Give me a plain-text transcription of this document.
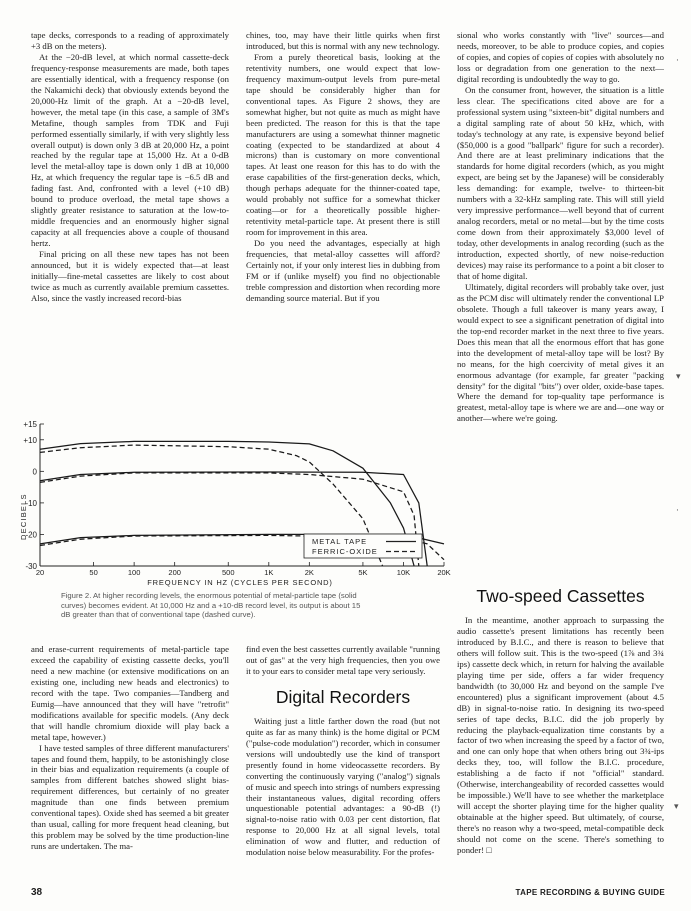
tape decks, corresponds to a reading of approximately +3 dB on the meters).

At the −20-dB level, at which normal cassette-deck frequency-response measurements are made, both tapes are essentially identical, with a frequency response (on the Nakamichi deck) that obviously extends beyond the 20,000-Hz limit of the graph. At a −20-dB level, however, the metal tape (in this case, a sample of 3M's Metafine, though samples from TDK and Fuji performed essentially similarly, if with very slightly less overall output) is down only 3 dB at 20,000 Hz, a point reached by the regular tape at 15,000 Hz. At a 0-dB level the metal-alloy tape is down only 1 dB at 10,000 Hz, at which frequency the regular tape is −6.5 dB and fading fast. And, confronted with a level (+10 dB) bound to produce overload, the metal tape shows a slightly greater resistance to saturation at the low-to-middle frequencies and an enormously higher signal capacity at all frequencies above a couple of thousand hertz.

Final pricing on all these new tapes has not been announced, but it is widely expected that—at least initially—fine-metal cassettes are likely to cost about twice as much as currently available premium cassettes. Also, since the vastly increased record-bias

chines, too, may have their little quirks when first introduced, but this is normal with any new technology.

From a purely theoretical basis, looking at the retentivity numbers, one would expect that low-frequency maximum-output levels from pure-metal tape should be considerably higher than for conventional tapes. As Figure 2 shows, they are somewhat higher, but not quite as much as might have been predicted. The reason for this is that the tape manufacturers are using a somewhat thinner magnetic coating (expected to be standardized at about 4 microns) than is customary on more conventional tapes. At least one reason for this has to do with the erase capabilities of the first-generation decks, which, though perhaps adequate for the thinner-coated tape, would probably not suffice for a somewhat thicker coating—or for a theoretically possible higher-retentivity metal-particle tape. At present there is still room for improvement in this area.

Do you need the advantages, especially at high frequencies, that metal-alloy cassettes will afford? Certainly not, if your only interest lies in dubbing from FM or if (unlike myself) you find no objectionable treble compression and distortion when recording more demanding source material. But if you

sional who works constantly with "live" sources—and needs, moreover, to be able to produce copies, and copies of copies, and copies of copies of copies with absolutely no loss or degradation from one generation to the next—digital recording is undoubtedly the way to go.

On the consumer front, however, the situation is a little less clear. The specifications cited above are for a professional system using "sixteen-bit" digital numbers and a digital sampling rate of about 50 kHz, which, with today's technology at any rate, is expensive beyond belief ($50,000 is a good "ballpark" figure for such a recorder). And there are at least preliminary indications that the standards for home digital recorders (which, as you might expect, are being set by the Japanese) will be considerably less demanding: for example, twelve- to thirteen-bit numbers with a 32-kHz sampling rate. This will still yield very impressive performance—well beyond that of current analog recorders, metal or no metal—but by the time costs come down from their approximately $3,000 level of today, other developments in analog recording (such as the introduction, expected shortly, of new noise-reduction devices) may raise its performance to a point a bit closer to that of home digital.

Ultimately, digital recorders will probably take over, just as the PCM disc will ultimately render the conventional LP obsolete. Though a full takeover is many years away, I would expect to see a significant penetration of digital into the top-end recorder market in the next three to five years. Does this mean that all the enormous effort that has gone into the development of metal-alloy tape will be lost? By no means, for the high coercivity of metal gives it an enormous advantage (for example, far greater "packing density" for the digital "bits") over older, oxide-base tapes. Where the demand for top-quality tape performance is greatest, metal-alloy tape is where we are and—one way or another—where we're going.

+15
+10
0
-10
-20
-30
20	50	100	200	500	1K	2K	5K	10K	20K
METAL TAPE
FERRIC-OXIDE
DECIBELS
FREQUENCY IN HZ (CYCLES PER SECOND)
Figure 2. At higher recording levels, the enormous potential of metal-particle tape (solid curves) becomes evident. At 10,000 Hz and a +10-dB record level, its output is about 15 dB greater than that of conventional tape (dashed curve).

and erase-current requirements of metal-particle tape exceed the capability of existing cassette decks, you'll need a new machine (or extensive modifications on an existing one, including new heads and electronics) to record with the tape. Two companies—Tandberg and Eumig—have announced that they will have "retrofit" modifications available for specific models. (Any deck that will handle chromium dioxide will play back a metal tape, however.)

I have tested samples of three different manufacturers' tapes and found them, happily, to be astonishingly close in their bias and equalization requirements (a couple of samples from different batches showed slight bias-requirement differences, but certainly of no greater magnitude than one finds between premium conventional tapes). Oxide shed has seemed a bit greater than usual, calling for more frequent head cleaning, but this problem may be solved by the time production-line runs are undertaken. The ma-

find even the best cassettes currently available "running out of gas" at the very high frequencies, then you owe it to your ears to consider metal tape very seriously.

Digital Recorders

Waiting just a little farther down the road (but not quite as far as many think) is the home digital or PCM ("pulse-code modulation") recorder, which in consumer versions will undoubtedly use the kind of transport presently found in home videocassette recorders. By converting the continuously varying ("analog") signals of music and speech into strings of numbers expressing their instantaneous values, digital recording offers unquestionable potential advantages: a 90-dB (!) signal-to-noise ratio with 0.03 per cent distortion, flat response to 20,000 Hz at all signal levels, total elimination of wow and flutter, and reduction of modulation noise below measurability. For the profes-

Two-speed Cassettes

In the meantime, another approach to surpassing the audio cassette's present limitations has recently been introduced by B.I.C., and there is reason to believe that others will follow suit. This is the two-speed (1⅞ and 3¾ ips) cassette deck which, in return for halving the available playing time per side, offers a far wider frequency bandwidth (to 30,000 Hz and beyond on the sample I've encountered) plus a significant improvement (about 4.5 dB) in signal-to-noise ratio. In designing its two-speed series of tape decks, B.I.C. did the job properly by reducing the playback-equalization time constants by a factor of two when increasing the speed by a factor of two, and one can only hope that when others bring out 3¾-ips decks they, too, will follow the B.I.C. procedure, establishing a de facto if not "official" standard. (Otherwise, interchangeability of recorded cassettes would be impossible.) We'll have to see whether the marketplace will accept the shorter playing time for the higher quality obtainable at the higher speed. But ultimately, of course, there's no reason why a two-speed, metal-compatible deck should not come on the scene. There's something to ponder! □

·
▾
·
▾
38	TAPE RECORDING & BUYING GUIDE
